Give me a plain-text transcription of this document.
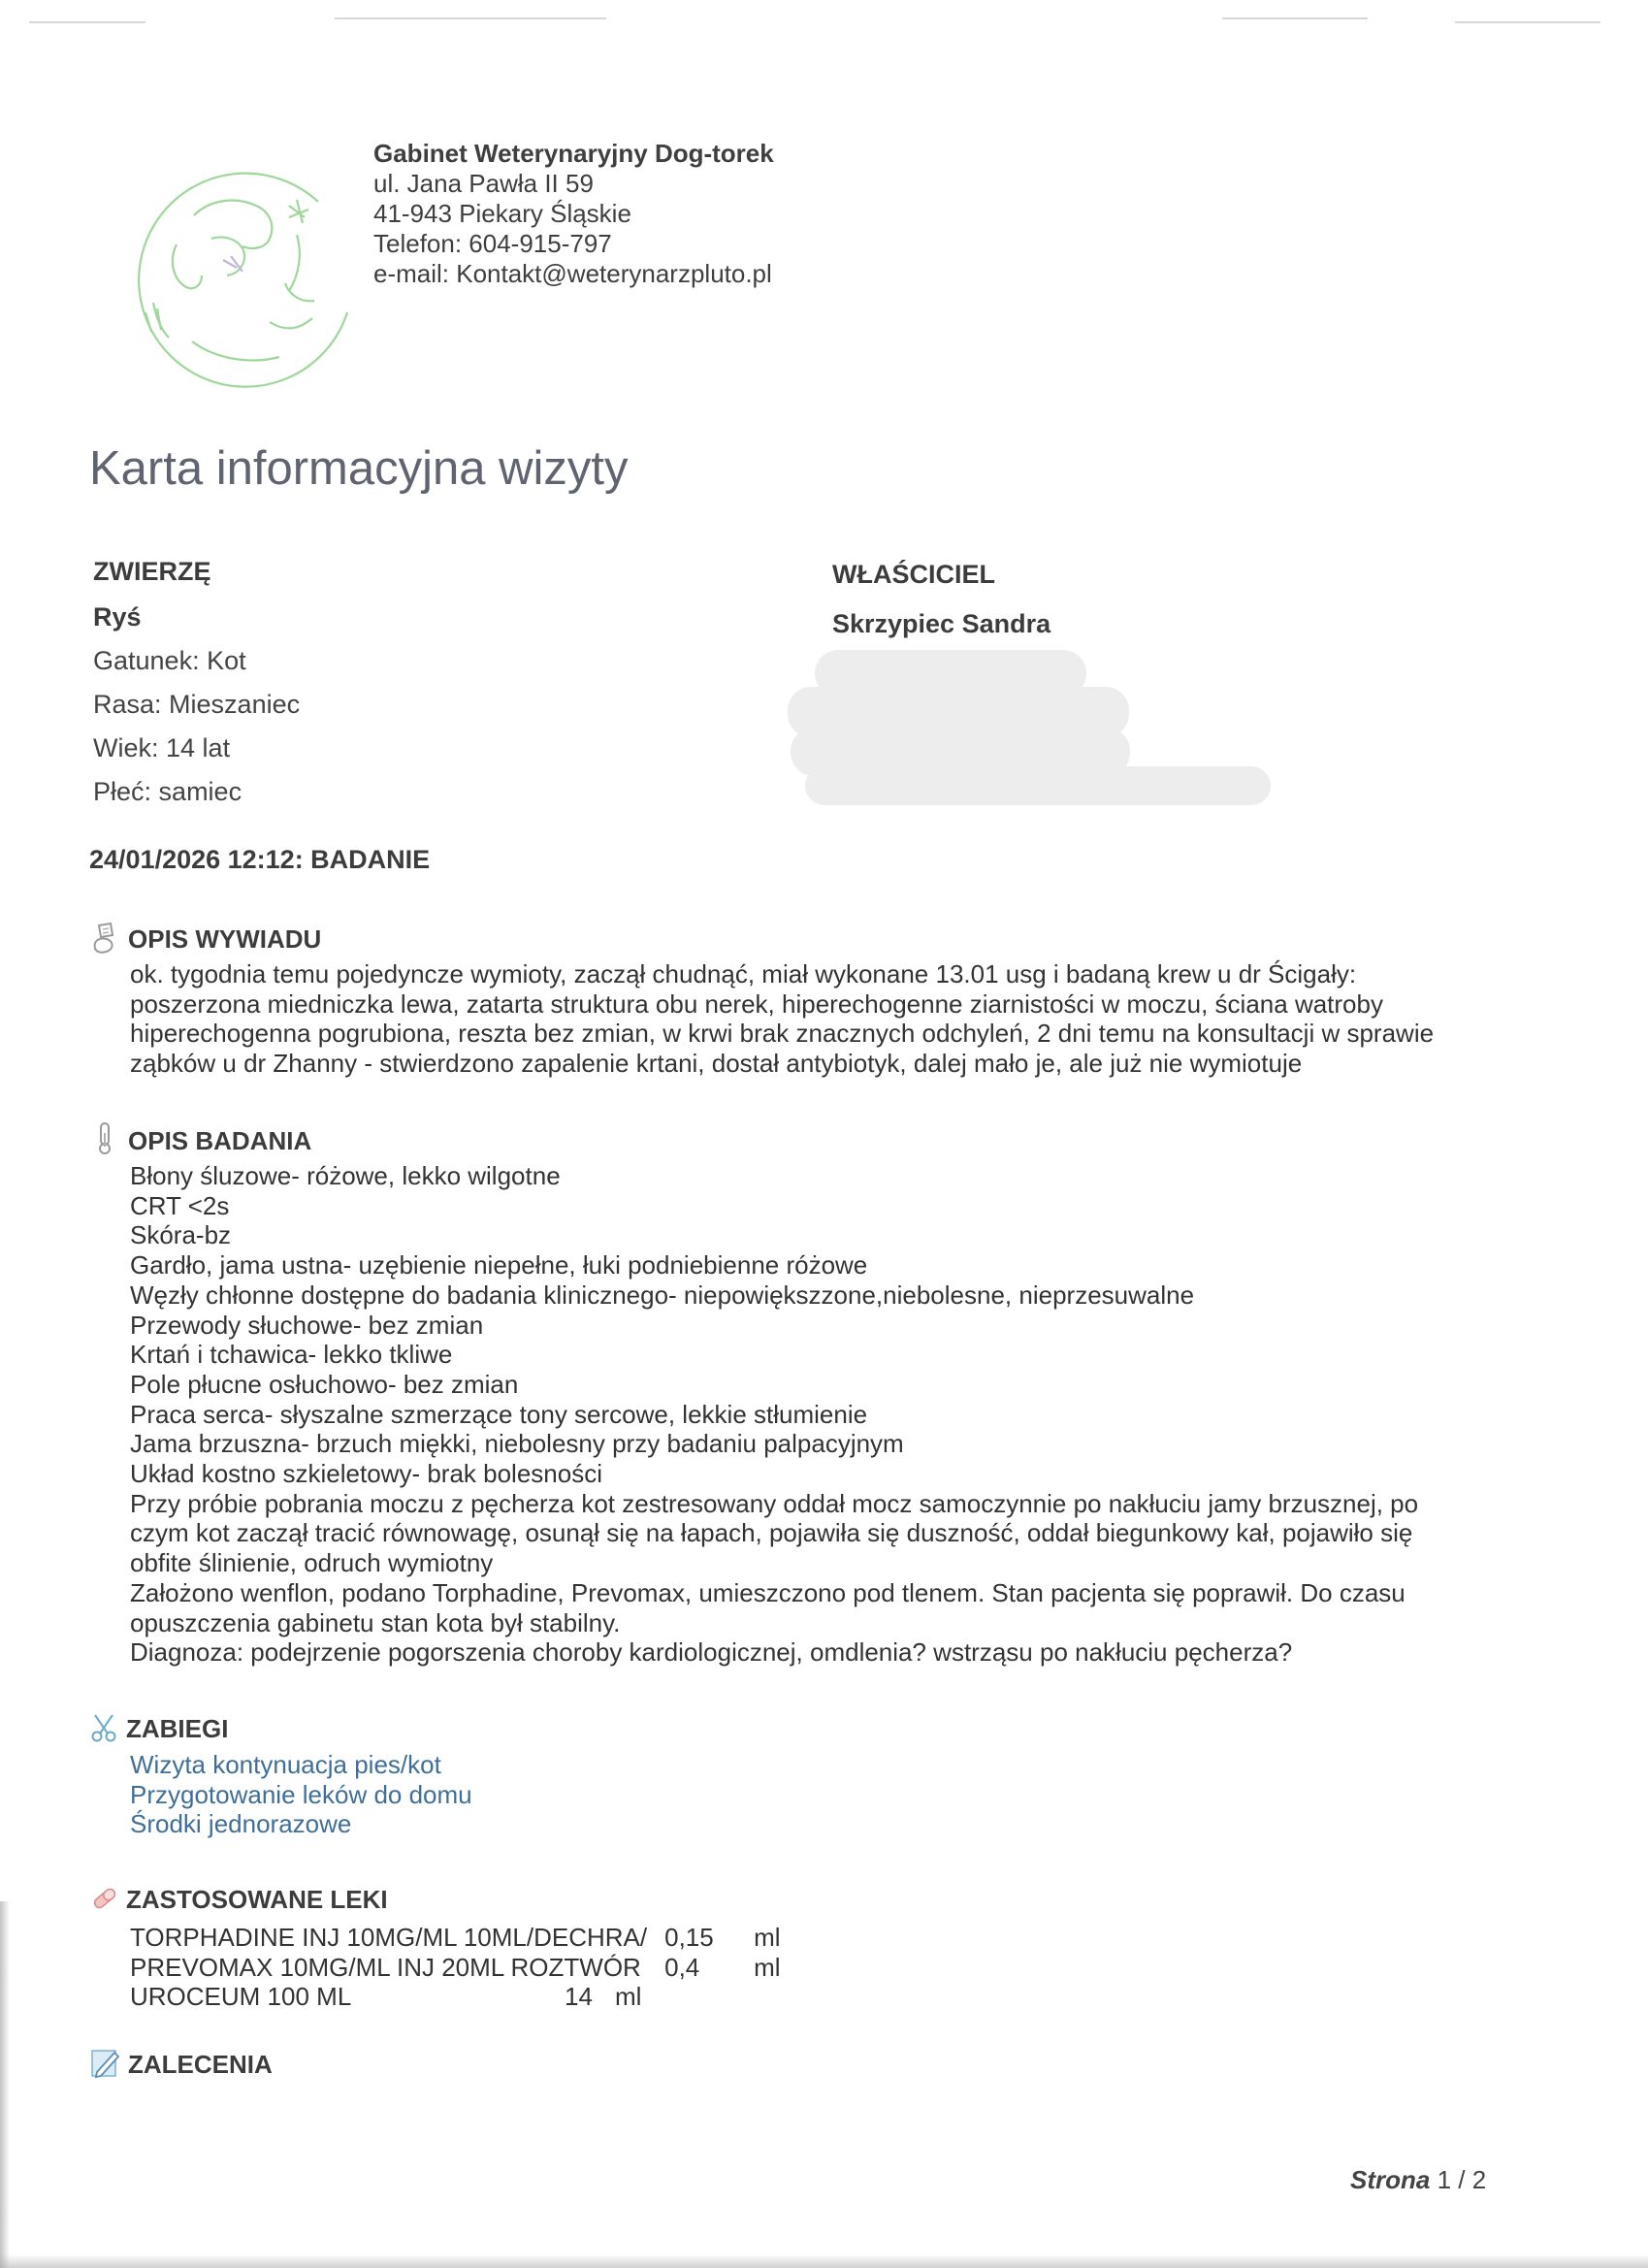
Gabinet Weterynaryjny Dog-torek
ul. Jana Pawła II 59
41-943 Piekary Śląskie
Telefon: 604-915-797
e-mail: Kontakt@weterynarzpluto.pl
Karta informacyjna wizyty
ZWIERZĘ
Ryś
Gatunek : Kot
Rasa : Mieszaniec
Wiek : 14 lat
Płeć : samiec
WŁAŚCICIEL
Skrzypiec Sandra
24/01/2026 12:12: BADANIE
OPIS WYWIADU

ok. tygodnia temu pojedyncze wymioty, zaczął chudnąć, miał wykonane 13.01 usg i badaną krew u dr Ścigały:

poszerzona miedniczka lewa, zatarta struktura obu nerek, hiperechogenne ziarnistości w moczu, ściana watroby

hiperechogenna pogrubiona, reszta bez zmian, w krwi brak znacznych odchyleń, 2 dni temu na konsultacji w sprawie

ząbków u dr Zhanny - stwierdzono zapalenie krtani, dostał antybiotyk, dalej mało je, ale już nie wymiotuje

OPIS BADANIA

Błony śluzowe- różowe, lekko wilgotne

CRT <2s

Skóra-bz

Gardło, jama ustna- uzębienie niepełne, łuki podniebienne różowe

Węzły chłonne dostępne do badania klinicznego- niepowiększzone,niebolesne, nieprzesuwalne

Przewody słuchowe- bez zmian

Krtań i tchawica- lekko tkliwe

Pole płucne osłuchowo- bez zmian

Praca serca- słyszalne szmerzące tony sercowe, lekkie stłumienie

Jama brzuszna- brzuch miękki, niebolesny przy badaniu palpacyjnym

Układ kostno szkieletowy- brak bolesności

Przy próbie pobrania moczu z pęcherza kot zestresowany oddał mocz samoczynnie po nakłuciu jamy brzusznej, po

czym kot zaczął tracić równowagę, osunął się na łapach, pojawiła się duszność, oddał biegunkowy kał, pojawiło się

obfite ślinienie, odruch wymiotny

Założono wenflon, podano Torphadine, Prevomax, umieszczono pod tlenem. Stan pacjenta się poprawił. Do czasu

opuszczenia gabinetu stan kota był stabilny.

Diagnoza: podejrzenie pogorszenia choroby kardiologicznej, omdlenia? wstrząsu po nakłuciu pęcherza?

ZABIEGI
Wizyta kontynuacja pies/kot
Przygotowanie leków do domu
Środki jednorazowe
ZASTOSOWANE LEKI
TORPHADINE INJ 10MG/ML 10ML/DECHRA/	0,15	ml
PREVOMAX 10MG/ML INJ 20ML ROZTWÓR	0,4	ml
UROCEUM 100 ML	14 ml
ZALECENIA
Strona 1 / 2
